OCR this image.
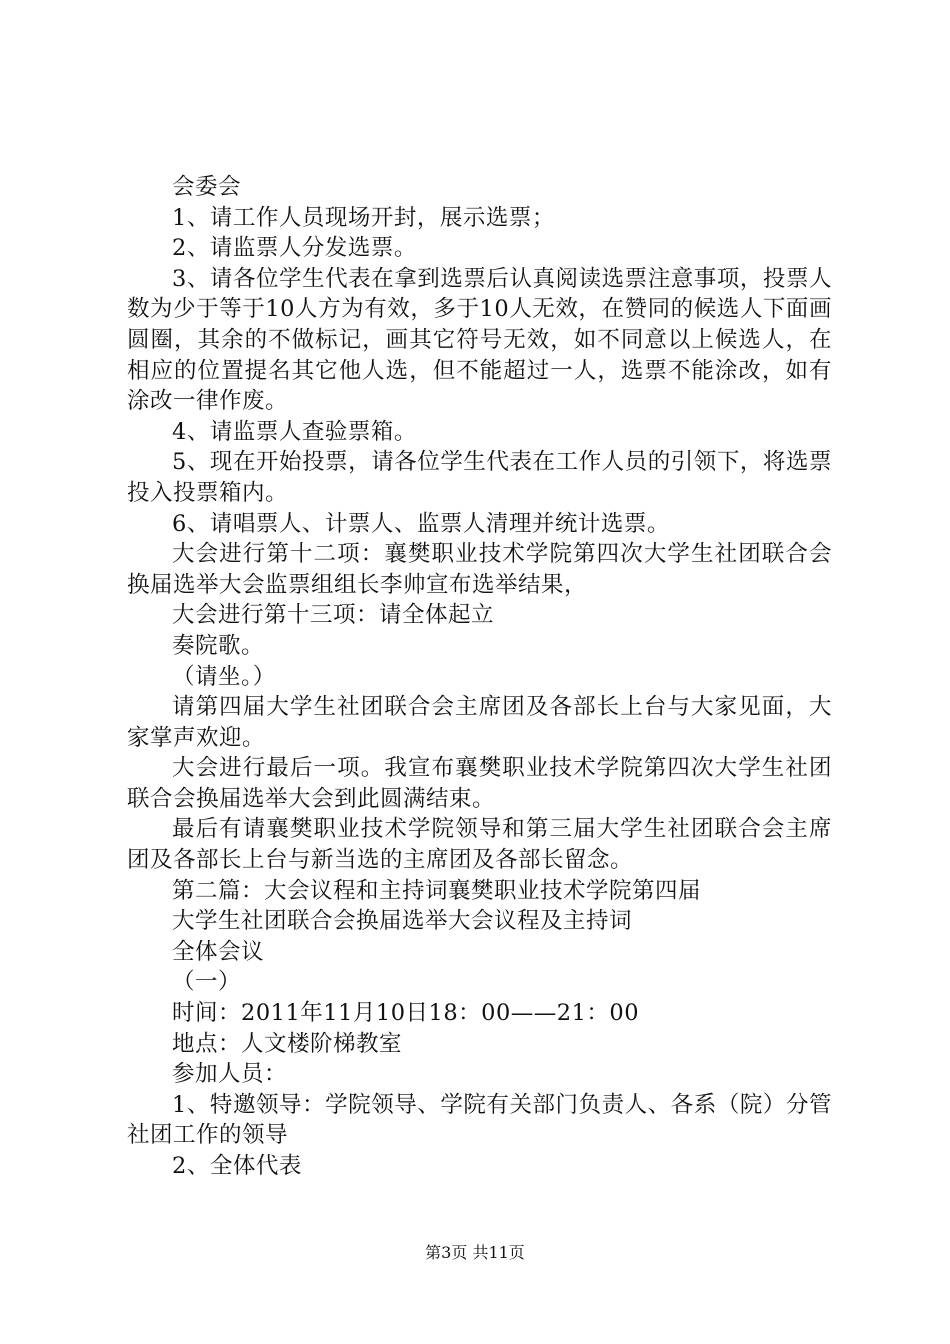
会委会

1、请工作人员现场开封，展示选票；

2、请监票人分发选票。

3、请各位学生代表在拿到选票后认真阅读选票注意事项，投票人数为少于等于10人方为有效，多于10人无效，在赞同的候选人下面画圆圈，其余的不做标记，画其它符号无效，如不同意以上候选人，在相应的位置提名其它他人选，但不能超过一人，选票不能涂改，如有涂改一律作废。

4、请监票人查验票箱。

5、现在开始投票，请各位学生代表在工作人员的引领下，将选票投入投票箱内。

6、请唱票人、计票人、监票人清理并统计选票。

大会进行第十二项：襄樊职业技术学院第四次大学生社团联合会换届选举大会监票组组长李帅宣布选举结果，

大会进行第十三项：请全体起立

奏院歌。

（请坐。）

请第四届大学生社团联合会主席团及各部长上台与大家见面，大家掌声欢迎。

大会进行最后一项。我宣布襄樊职业技术学院第四次大学生社团联合会换届选举大会到此圆满结束。

最后有请襄樊职业技术学院领导和第三届大学生社团联合会主席团及各部长上台与新当选的主席团及各部长留念。

第二篇：大会议程和主持词襄樊职业技术学院第四届

大学生社团联合会换届选举大会议程及主持词

全体会议

（一）

时间：2011年11月10日18：00——21：00

地点：人文楼阶梯教室

参加人员：

1、特邀领导：学院领导、学院有关部门负责人、各系（院）分管社团工作的领导

2、全体代表

第3页 共11页
